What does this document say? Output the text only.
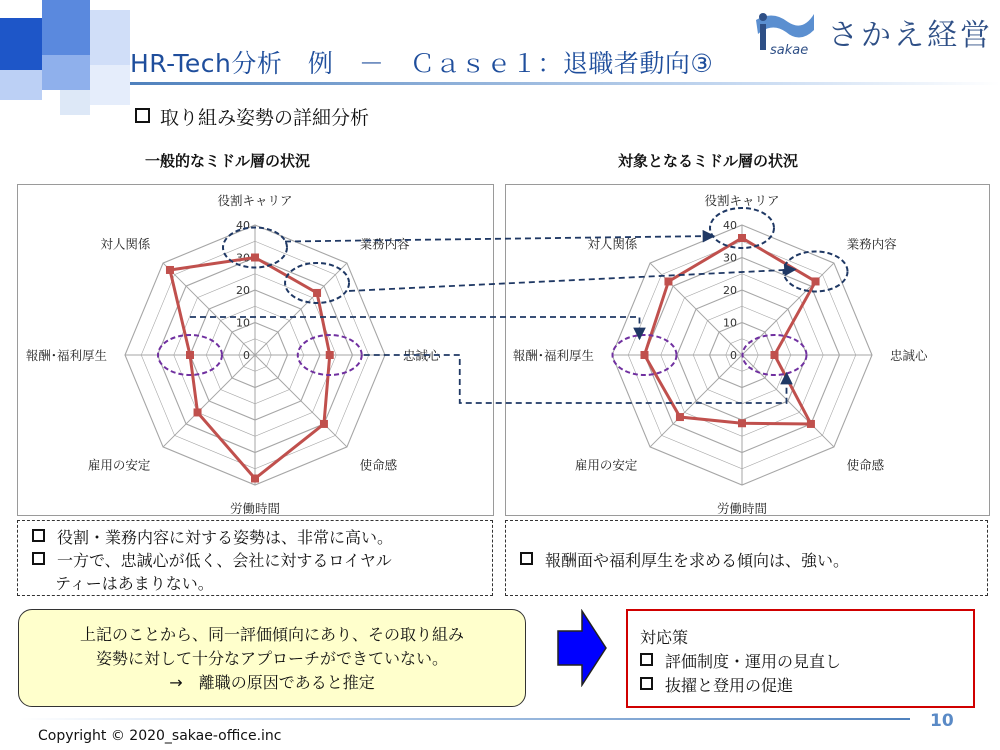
HR-Tech分析　例　－　Ｃａｓｅ１：退職者動向③	sakae さかえ経営
取り組み姿勢の詳細分析
一般的なミドル層の状況	対象となるミドル層の状況
0
10
20
30
40
役割キャリア
業務内容
忠誠心
使命感
労働時間
雇用の安定
報酬･福利厚生
対人関係
0
10
20
30
40
役割キャリア
業務内容
忠誠心
使命感
労働時間
雇用の安定
報酬･福利厚生
対人関係
役割・業務内容に対する姿勢は、非常に高い。
一方で、忠誠心が低く、会社に対するロイヤル
ティーはあまりない。
報酬面や福利厚生を求める傾向は、強い。
上記のことから、同一評価傾向にあり、その取り組み
姿勢に対して十分なアプローチができていない。
→　離職の原因であると推定
対応策
評価制度・運用の見直し
抜擢と登用の促進
Copyright © 2020_sakae-office.inc
10
